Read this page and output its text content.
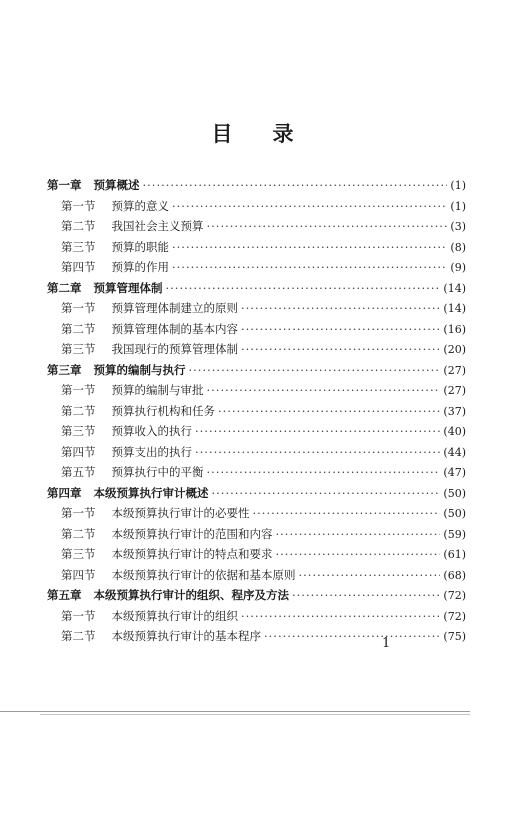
目 录
第一章 预算概述 ·····	(1)
第一节 预算的意义 ·····	(1)
第二节 我国社会主义预算 ·····	(3)
第三节 预算的职能 ·····	(8)
第四节 预算的作用 ·····	(9)
第二章 预算管理体制 ·····	(14)
第一节 预算管理体制建立的原则 ·····	(14)
第二节 预算管理体制的基本内容 ·····	(16)
第三节 我国现行的预算管理体制 ·····	(20)
第三章 预算的编制与执行 ·····	(27)
第一节 预算的编制与审批 ·····	(27)
第二节 预算执行机构和任务 ·····	(37)
第三节 预算收入的执行 ·····	(40)
第四节 预算支出的执行 ·····	(44)
第五节 预算执行中的平衡 ·····	(47)
第四章 本级预算执行审计概述 ·····	(50)
第一节 本级预算执行审计的必要性 ·····	(50)
第二节 本级预算执行审计的范围和内容 ·····	(59)
第三节 本级预算执行审计的特点和要求 ·····	(61)
第四节 本级预算执行审计的依据和基本原则 ·····	(68)
第五章 本级预算执行审计的组织、程序及方法 ·····	(72)
第一节 本级预算执行审计的组织 ·····	(72)
第二节 本级预算执行审计的基本程序 ·····	(75)
1
